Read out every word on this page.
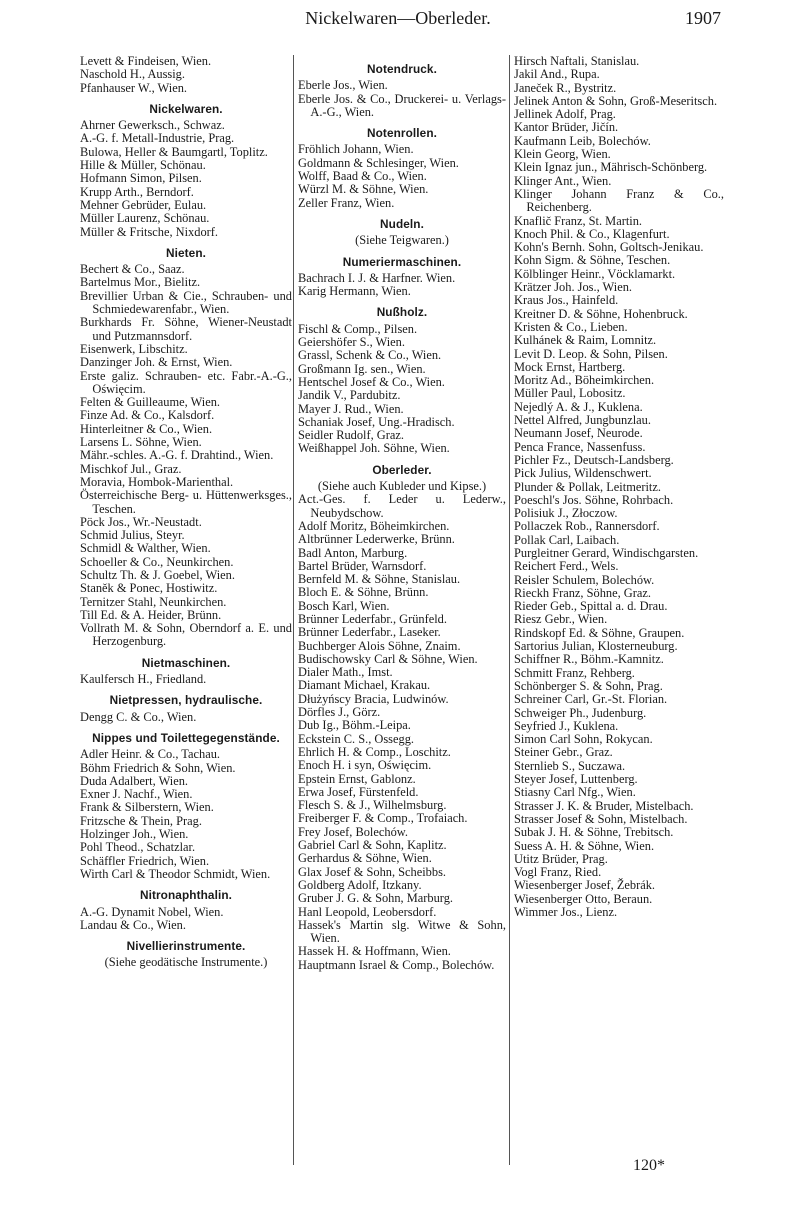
Nickelwaren—Oberleder.	1907
Levett & Findeisen, Wien.
Naschold H., Aussig.
Pfanhauser W., Wien.
Nickelwaren.
Ahrner Gewerksch., Schwaz.
A.-G. f. Metall-Industrie, Prag.
Bulowa, Heller & Baumgartl, Toplitz.
Hille & Müller, Schönau.
Hofmann Simon, Pilsen.
Krupp Arth., Berndorf.
Mehner Gebrüder, Eulau.
Müller Laurenz, Schönau.
Müller & Fritsche, Nixdorf.
Nieten.
Bechert & Co., Saaz.
Bartelmus Mor., Bielitz.
Brevillier Urban & Cie., Schrauben- und Schmiedewarenfabr., Wien.
Burkhards Fr. Söhne, Wiener-Neustadt und Putzmannsdorf.
Eisenwerk, Libschitz.
Danzinger Joh. & Ernst, Wien.
Erste galiz. Schrauben- etc. Fabr.-A.-G., Oświęcim.
Felten & Guilleaume, Wien.
Finze Ad. & Co., Kalsdorf.
Hinterleitner & Co., Wien.
Larsens L. Söhne, Wien.
Mähr.-schles. A.-G. f. Drahtind., Wien.
Mischkof Jul., Graz.
Moravia, Hombok-Marienthal.
Österreichische Berg- u. Hüttenwerksges., Teschen.
Pöck Jos., Wr.-Neustadt.
Schmid Julius, Steyr.
Schmidl & Walther, Wien.
Schoeller & Co., Neunkirchen.
Schultz Th. & J. Goebel, Wien.
Staněk & Ponec, Hostiwitz.
Ternitzer Stahl, Neunkirchen.
Till Ed. & A. Heider, Brünn.
Vollrath M. & Sohn, Oberndorf a. E. und Herzogenburg.
Nietmaschinen.
Kaulfersch H., Friedland.
Nietpressen, hydraulische.
Dengg C. & Co., Wien.
Nippes und Toilettegegenstände.
Adler Heinr. & Co., Tachau.
Böhm Friedrich & Sohn, Wien.
Duda Adalbert, Wien.
Exner J. Nachf., Wien.
Frank & Silberstern, Wien.
Fritzsche & Thein, Prag.
Holzinger Joh., Wien.
Pohl Theod., Schatzlar.
Schäffler Friedrich, Wien.
Wirth Carl & Theodor Schmidt, Wien.
Nitronaphthalin.
A.-G. Dynamit Nobel, Wien.
Landau & Co., Wien.
Nivellierinstrumente.
(Siehe geodätische Instrumente.)
Notendruck.
Eberle Jos., Wien.
Eberle Jos. & Co., Druckerei- u. Verlags-A.-G., Wien.
Notenrollen.
Fröhlich Johann, Wien.
Goldmann & Schlesinger, Wien.
Wolff, Baad & Co., Wien.
Würzl M. & Söhne, Wien.
Zeller Franz, Wien.
Nudeln.
(Siehe Teigwaren.)
Numeriermaschinen.
Bachrach I. J. & Harfner. Wien.
Karig Hermann, Wien.
Nußholz.
Fischl & Comp., Pilsen.
Geiershöfer S., Wien.
Grassl, Schenk & Co., Wien.
Großmann Ig. sen., Wien.
Hentschel Josef & Co., Wien.
Jandik V., Pardubitz.
Mayer J. Rud., Wien.
Schaniak Josef, Ung.-Hradisch.
Seidler Rudolf, Graz.
Weißhappel Joh. Söhne, Wien.
Oberleder.
(Siehe auch Kubleder und Kipse.)
Act.-Ges. f. Leder u. Lederw., Neubydschow.
Adolf Moritz, Böheimkirchen.
Altbrünner Lederwerke, Brünn.
Badl Anton, Marburg.
Bartel Brüder, Warnsdorf.
Bernfeld M. & Söhne, Stanislau.
Bloch E. & Söhne, Brünn.
Bosch Karl, Wien.
Brünner Lederfabr., Grünfeld.
Brünner Lederfabr., Laseker.
Buchberger Alois Söhne, Znaim.
Budischowsky Carl & Söhne, Wien.
Dialer Math., Imst.
Diamant Michael, Krakau.
Dłużyńscy Bracia, Ludwinów.
Dörfles J., Görz.
Dub Ig., Böhm.-Leipa.
Eckstein C. S., Ossegg.
Ehrlich H. & Comp., Loschitz.
Enoch H. i syn, Oświęcim.
Epstein Ernst, Gablonz.
Erwa Josef, Fürstenfeld.
Flesch S. & J., Wilhelmsburg.
Freiberger F. & Comp., Trofaiach.
Frey Josef, Bolechów.
Gabriel Carl & Sohn, Kaplitz.
Gerhardus & Söhne, Wien.
Glax Josef & Sohn, Scheibbs.
Goldberg Adolf, Itzkany.
Gruber J. G. & Sohn, Marburg.
Hanl Leopold, Leobersdorf.
Hassek's Martin slg. Witwe & Sohn, Wien.
Hassek H. & Hoffmann, Wien.
Hauptmann Israel & Comp., Bolechów.
Hirsch Naftali, Stanislau.
Jakil And., Rupa.
Janeček R., Bystritz.
Jelinek Anton & Sohn, Groß-Meseritsch.
Jellinek Adolf, Prag.
Kantor Brüder, Jičín.
Kaufmann Leib, Bolechów.
Klein Georg, Wien.
Klein Ignaz jun., Mährisch-Schönberg.
Klinger Ant., Wien.
Klinger Johann Franz & Co., Reichenberg.
Knaflič Franz, St. Martin.
Knoch Phil. & Co., Klagenfurt.
Kohn's Bernh. Sohn, Goltsch-Jenikau.
Kohn Sigm. & Söhne, Teschen.
Kölblinger Heinr., Vöcklamarkt.
Krätzer Joh. Jos., Wien.
Kraus Jos., Hainfeld.
Kreitner D. & Söhne, Hohenbruck.
Kristen & Co., Lieben.
Kulhánek & Raim, Lomnitz.
Levit D. Leop. & Sohn, Pilsen.
Mock Ernst, Hartberg.
Moritz Ad., Böheimkirchen.
Müller Paul, Lobositz.
Nejedlý A. & J., Kuklena.
Nettel Alfred, Jungbunzlau.
Neumann Josef, Neurode.
Penca France, Nassenfuss.
Pichler Fz., Deutsch-Landsberg.
Pick Julius, Wildenschwert.
Plunder & Pollak, Leitmeritz.
Poeschl's Jos. Söhne, Rohrbach.
Polisiuk J., Złoczow.
Pollaczek Rob., Rannersdorf.
Pollak Carl, Laibach.
Purgleitner Gerard, Windischgarsten.
Reichert Ferd., Wels.
Reisler Schulem, Bolechów.
Rieckh Franz, Söhne, Graz.
Rieder Geb., Spittal a. d. Drau.
Riesz Gebr., Wien.
Rindskopf Ed. & Söhne, Graupen.
Sartorius Julian, Klosterneuburg.
Schiffner R., Böhm.-Kamnitz.
Schmitt Franz, Rehberg.
Schönberger S. & Sohn, Prag.
Schreiner Carl, Gr.-St. Florian.
Schweiger Ph., Judenburg.
Seyfried J., Kuklena.
Simon Carl Sohn, Rokycan.
Steiner Gebr., Graz.
Sternlieb S., Suczawa.
Steyer Josef, Luttenberg.
Stiasny Carl Nfg., Wien.
Strasser J. K. & Bruder, Mistelbach.
Strasser Josef & Sohn, Mistelbach.
Subak J. H. & Söhne, Trebitsch.
Suess A. H. & Söhne, Wien.
Utitz Brüder, Prag.
Vogl Franz, Ried.
Wiesenberger Josef, Žebrák.
Wiesenberger Otto, Beraun.
Wimmer Jos., Lienz.
120*
